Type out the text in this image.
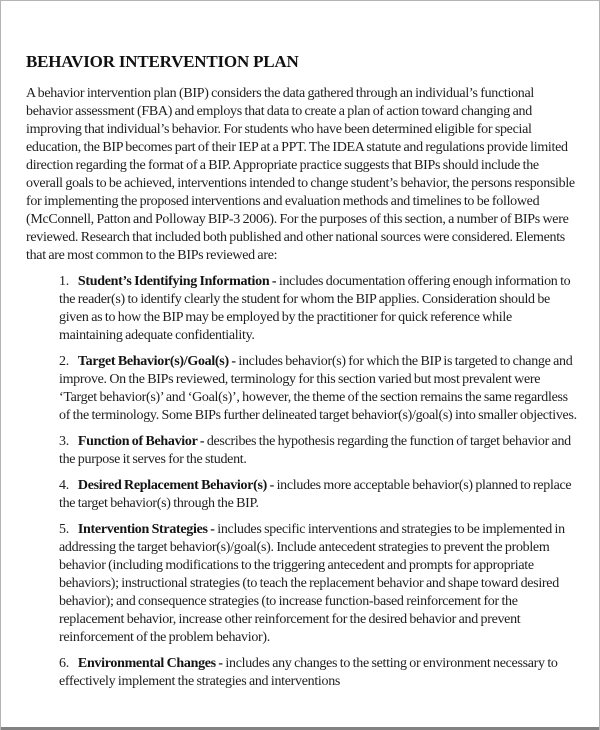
BEHAVIOR INTERVENTION PLAN

A behavior intervention plan (BIP) considers the data gathered through an individual’s functional behavior assessment (FBA) and employs that data to create a plan of action toward changing and improving that individual’s behavior. For students who have been determined eligible for special education, the BIP becomes part of their IEP at a PPT. The IDEA statute and regulations provide limited direction regarding the format of a BIP. Appropriate practice suggests that BIPs should include the overall goals to be achieved, interventions intended to change student’s behavior, the persons responsible for implementing the proposed interventions and evaluation methods and timelines to be followed (McConnell, Patton and Polloway BIP-3 2006). For the purposes of this section, a number of BIPs were reviewed. Research that included both published and other national sources were considered. Elements that are most common to the BIPs reviewed are:

1. Student’s Identifying Information - includes documentation offering enough information to the reader(s) to identify clearly the student for whom the BIP applies. Consideration should be given as to how the BIP may be employed by the practitioner for quick reference while maintaining adequate confidentiality.
2. Target Behavior(s)/Goal(s) - includes behavior(s) for which the BIP is targeted to change and improve. On the BIPs reviewed, terminology for this section varied but most prevalent were ‘Target behavior(s)’ and ‘Goal(s)’, however, the theme of the section remains the same regardless of the terminology. Some BIPs further delineated target behavior(s)/goal(s) into smaller objectives.
3. Function of Behavior - describes the hypothesis regarding the function of target behavior and the purpose it serves for the student.
4. Desired Replacement Behavior(s) - includes more acceptable behavior(s) planned to replace the target behavior(s) through the BIP.
5. Intervention Strategies - includes specific interventions and strategies to be implemented in addressing the target behavior(s)/goal(s). Include antecedent strategies to prevent the problem behavior (including modifications to the triggering antecedent and prompts for appropriate behaviors); instructional strategies (to teach the replacement behavior and shape toward desired behavior); and consequence strategies (to increase function-based reinforcement for the replacement behavior, increase other reinforcement for the desired behavior and prevent reinforcement of the problem behavior).
6. Environmental Changes - includes any changes to the setting or environment necessary to effectively implement the strategies and interventions
